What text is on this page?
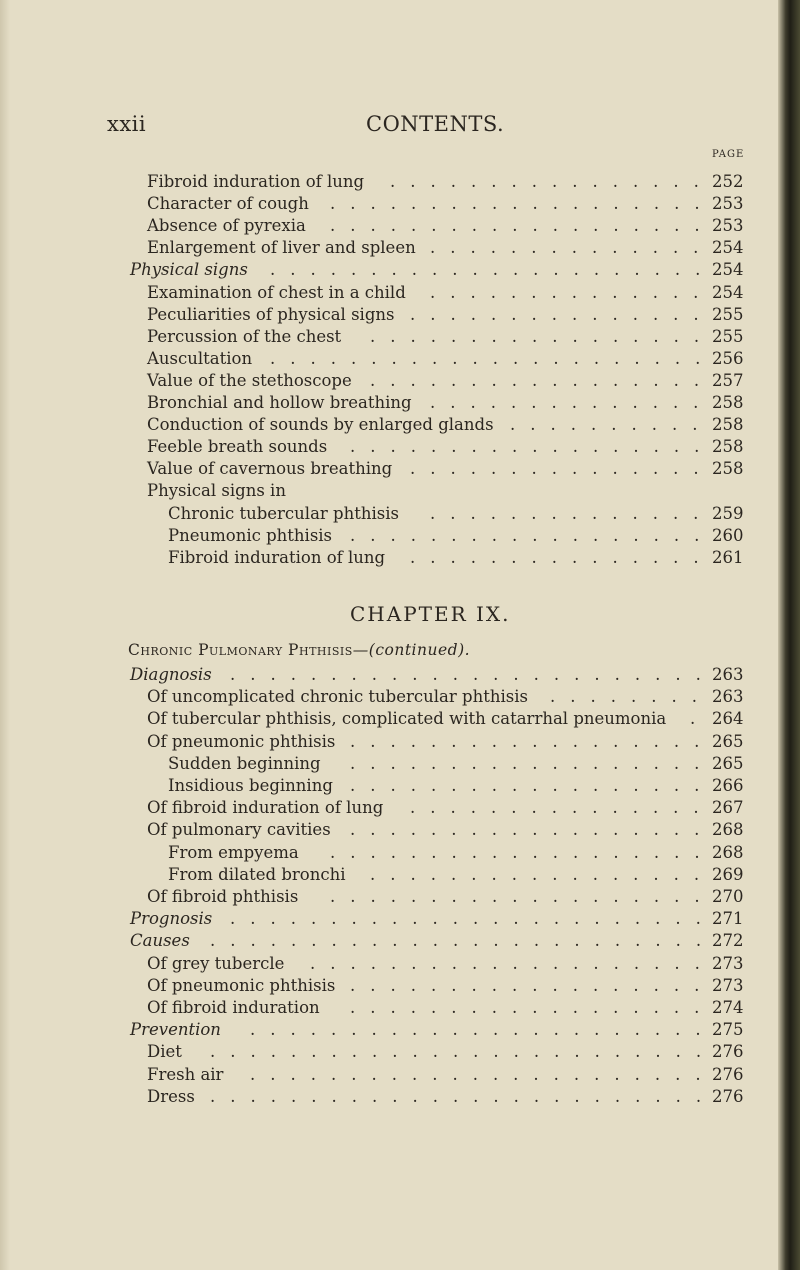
xxii	CONTENTS.
PAGE
Fibroid induration of lung	252
................
Character of cough	253
...................
Absence of pyrexia	253
...................
Enlargement of liver and spleen	254
..............
Physical signs	254
......................
Examination of chest in a child	254
..............
Peculiarities of physical signs	255
...............
Percussion of the chest	255
.................
Auscultation	256
......................
Value of the stethoscope	257
.................
Bronchial and hollow breathing	258
..............
Conduction of sounds by enlarged glands	258
..........
Feeble breath sounds	258
..................
Value of cavernous breathing	258
...............
Physical signs in
Chronic tubercular phthisis	259
..............
Pneumonic phthisis	260
..................
Fibroid induration of lung	261
...............
CHAPTER IX.
Chronic Pulmonary Phthisis—(continued).
Diagnosis	263
........................
Of uncomplicated chronic tubercular phthisis	263
........
Of tubercular phthisis, complicated with catarrhal pneumonia	264
.
Of pneumonic phthisis	265
..................
Sudden beginning	265
..................
Insidious beginning	266
..................
Of fibroid induration of lung	267
...............
Of pulmonary cavities	268
..................
From empyema	268
...................
From dilated bronchi	269
.................
Of fibroid phthisis	270
...................
Prognosis	271
........................
Causes	272
.........................
Of grey tubercle	273
....................
Of pneumonic phthisis	273
..................
Of fibroid induration	274
..................
Prevention	275
.......................
Diet	276
.........................
Fresh air	276
.......................
Dress	276
.........................
